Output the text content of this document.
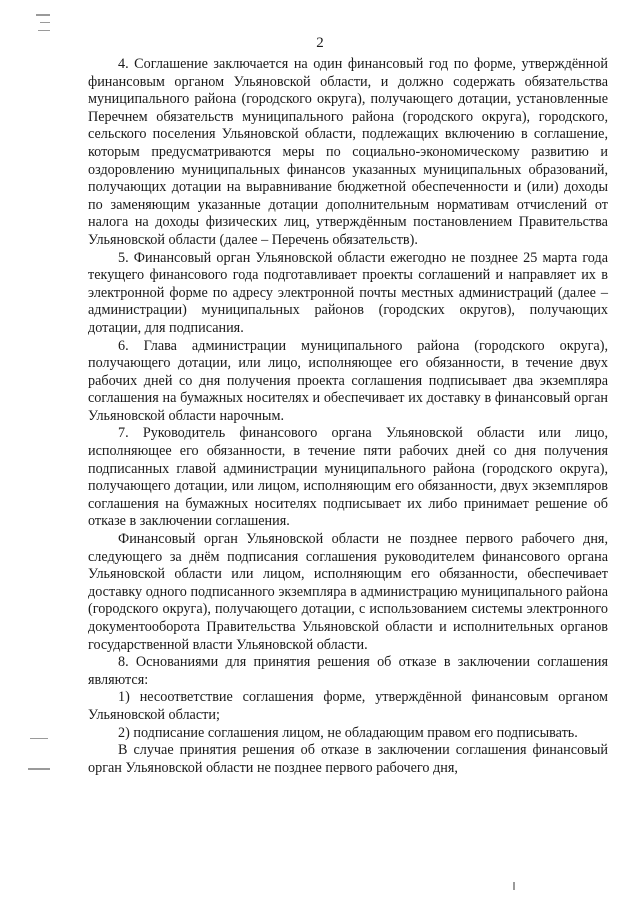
2

4. Соглашение заключается на один финансовый год по форме, утверждённой финансовым органом Ульяновской области, и должно содержать обязательства муниципального района (городского округа), получающего дотации, установленные Перечнем обязательств муниципального района (городского округа), городского, сельского поселения Ульяновской области, подлежащих включению в соглашение, которым предусматриваются меры по социально-экономическому развитию и оздоровлению муниципальных финансов указанных муниципальных образований, получающих дотации на выравнивание бюджетной обеспеченности и (или) доходы по заменяющим указанные дотации дополнительным нормативам отчислений от налога на доходы физических лиц, утверждённым постановлением Правительства Ульяновской области (далее – Перечень обязательств).

5. Финансовый орган Ульяновской области ежегодно не позднее 25 марта года текущего финансового года подготавливает проекты соглашений и направляет их в электронной форме по адресу электронной почты местных администраций (далее – администрации) муниципальных районов (городских округов), получающих дотации, для подписания.

6. Глава администрации муниципального района (городского округа), получающего дотации, или лицо, исполняющее его обязанности, в течение двух рабочих дней со дня получения проекта соглашения подписывает два экземпляра соглашения на бумажных носителях и обеспечивает их доставку в финансовый орган Ульяновской области нарочным.

7. Руководитель финансового органа Ульяновской области или лицо, исполняющее его обязанности, в течение пяти рабочих дней со дня получения подписанных главой администрации муниципального района (городского округа), получающего дотации, или лицом, исполняющим его обязанности, двух экземпляров соглашения на бумажных носителях подписывает их либо принимает решение об отказе в заключении соглашения.

Финансовый орган Ульяновской области не позднее первого рабочего дня, следующего за днём подписания соглашения руководителем финансового органа Ульяновской области или лицом, исполняющим его обязанности, обеспечивает доставку одного подписанного экземпляра в администрацию муниципального района (городского округа), получающего дотации, с использованием системы электронного документооборота Правительства Ульяновской области и исполнительных органов государственной власти Ульяновской области.

8. Основаниями для принятия решения об отказе в заключении соглашения являются:

1) несоответствие соглашения форме, утверждённой финансовым органом Ульяновской области;

2) подписание соглашения лицом, не обладающим правом его подписывать.

В случае принятия решения об отказе в заключении соглашения финансовый орган Ульяновской области не позднее первого рабочего дня,
